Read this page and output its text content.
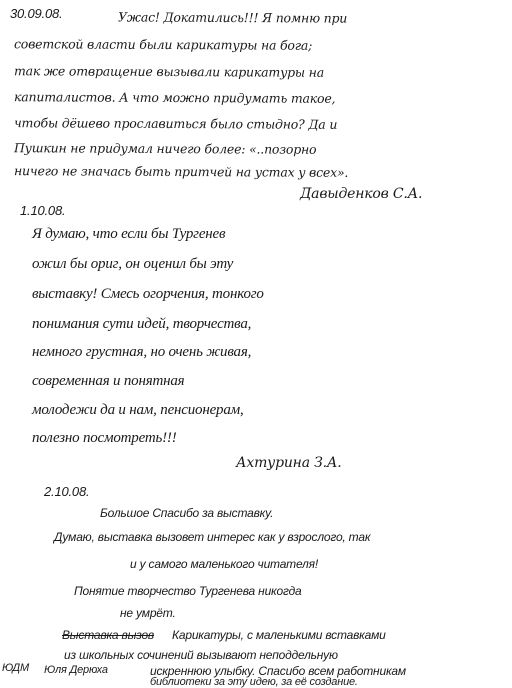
30.09.08.	Ужас! Докатились!!! Я помню при
советской власти были карикатуры на бога;
так же отвращение вызывали карикатуры на
капиталистов. А что можно придумать такое,
чтобы дёшево прославиться было стыдно? Да и
Пушкин не придумал ничего более: «..позорно
ничего не значась быть притчей на устах у всех».
Давыденков С.А.
1.10.08.
Я думаю, что если бы Тургенев
ожил бы ориг, он оценил бы эту
выставку! Смесь огорчения, тонкого
понимания сути идей, творчества,
немного грустная, но очень живая,
современная и понятная
молодежи да и нам, пенсионерам,
полезно посмотреть!!!
Ахтурина З.А.
2.10.08.
Большое Спасибо за выставку.
Думаю, выставка вызовет интерес как у взрослого, так
и у самого маленького читателя!
Понятие творчество Тургенева никогда
не умрёт.
Выставка вызов Карикатуры, с маленькими вставками
из школьных сочинений вызывают неподдельную
искреннюю улыбку. Спасибо всем работникам
ЮДМ Юля Дерюха
библиотеки за эту идею, за её создание.
